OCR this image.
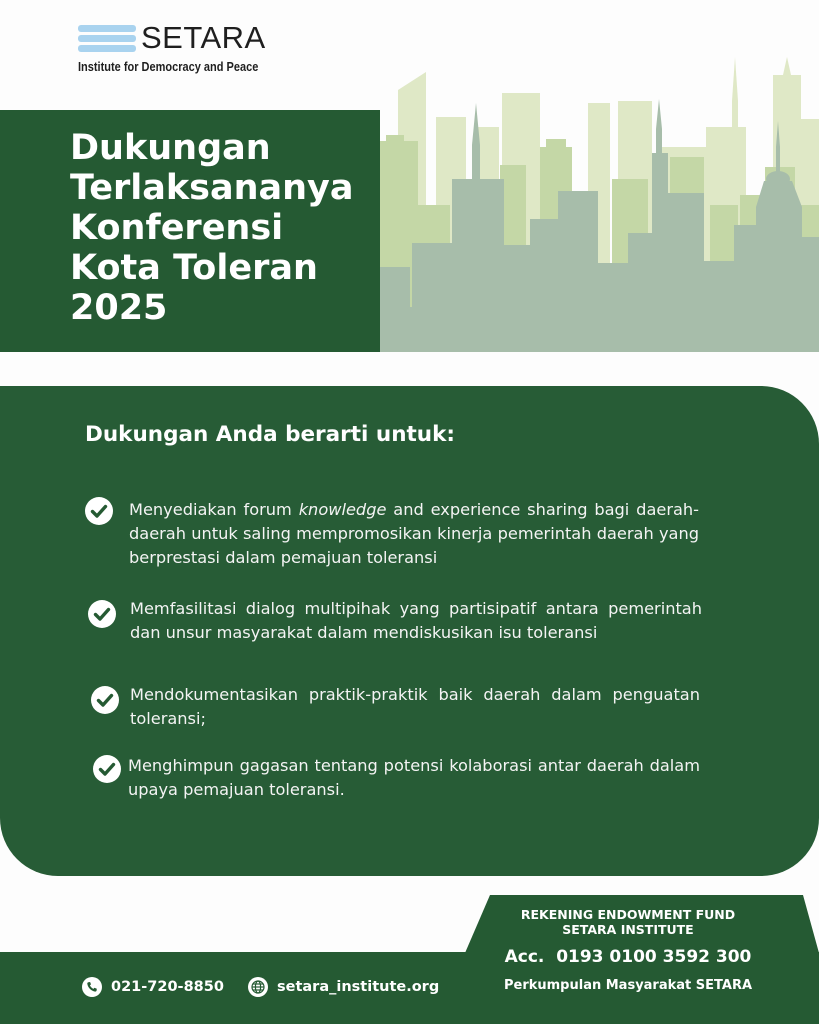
SETARA
Institute for Democracy and Peace
Dukungan
Terlaksananya
Konferensi
Kota Toleran
2025
Dukungan Anda berarti untuk:

Menyediakan forum knowledge and experience sharing bagi daerah-daerah untuk saling mempromosikan kinerja pemerintah daerah yang berprestasi dalam pemajuan toleransi

Memfasilitasi dialog multipihak yang partisipatif antara pemerintah dan unsur masyarakat dalam mendiskusikan isu toleransi

Mendokumentasikan praktik-praktik baik daerah dalam penguatan toleransi;

Menghimpun gagasan tentang potensi kolaborasi antar daerah dalam upaya pemajuan toleransi.

REKENING ENDOWMENT FUND
SETARA INSTITUTE
Acc.  0193 0100 3592 300
Perkumpulan Masyarakat SETARA
021-720-8850	setara_institute.org
